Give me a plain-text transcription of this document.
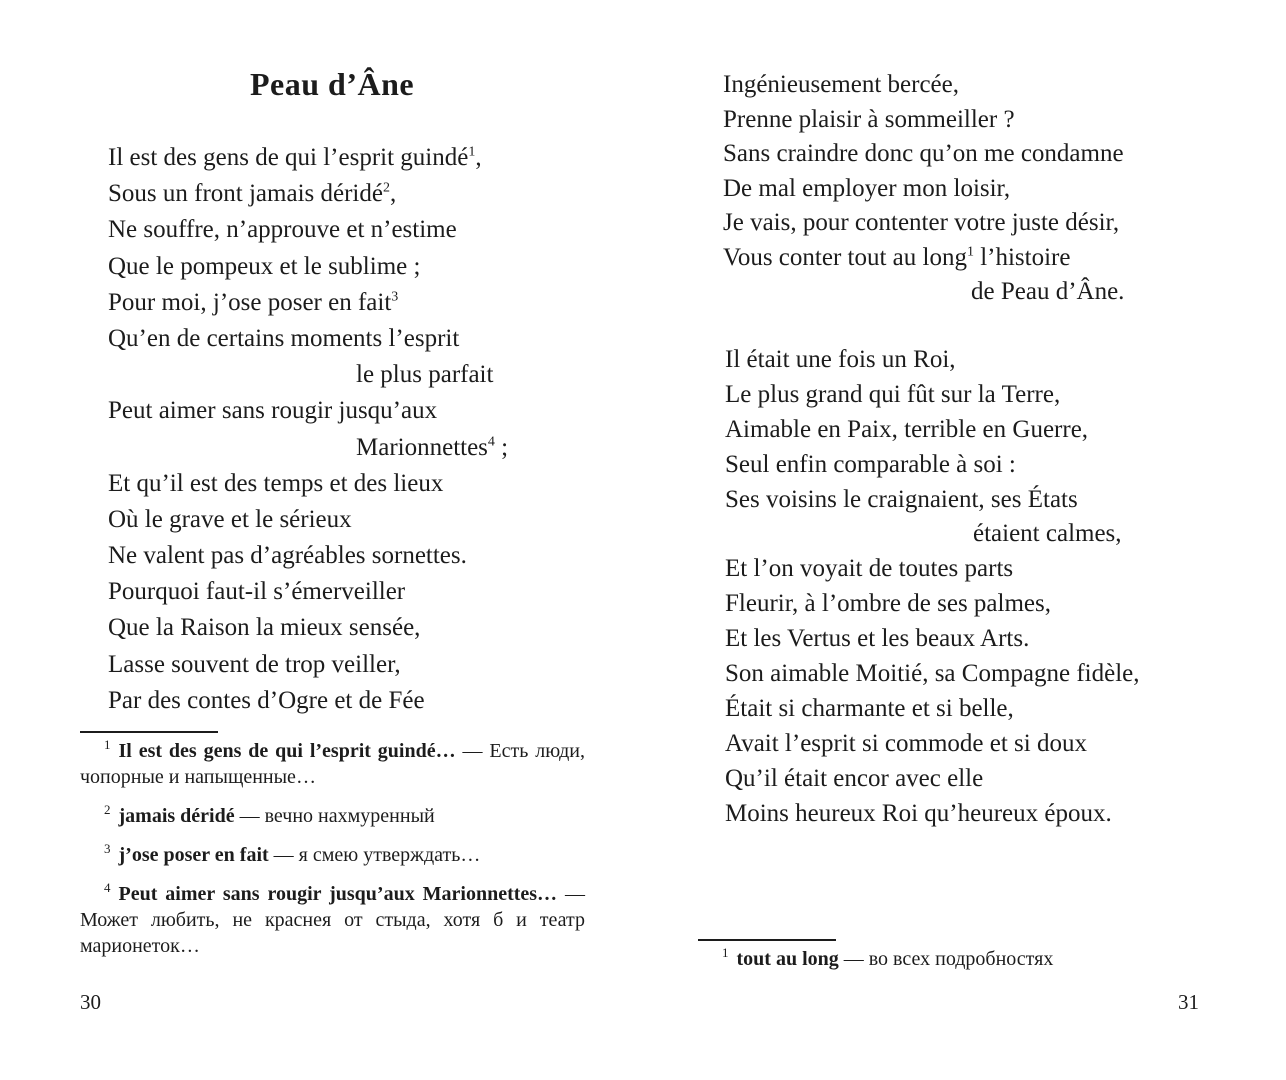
Peau d’Âne
Il est des gens de qui l’esprit guindé$^1$,
Sous un front jamais déridé$^2$,
Ne souffre, n’approuve et n’estime
Que le pompeux et le sublime ;
Pour moi, j’ose poser en fait$^3$
Qu’en de certains moments l’esprit
le plus parfait
Peut aimer sans rougir jusqu’aux
Marionnettes$^4$ ;
Et qu’il est des temps et des lieux
Où le grave et le sérieux
Ne valent pas d’agréables sornettes.
Pourquoi faut-il s’émerveiller
Que la Raison la mieux sensée,
Lasse souvent de trop veiller,
Par des contes d’Ogre et de Fée

$^1$ Il est des gens de qui l’esprit guindé… — Есть люди, чопорные и напыщенные…

$^2$ jamais déridé — вечно нахмуренный

$^3$ j’ose poser en fait — я смею утверждать…

$^4$ Peut aimer sans rougir jusqu’aux Marionnettes… — Может любить, не краснея от стыда, хотя б и театр марионеток…

30
Ingénieusement bercée,
Prenne plaisir à sommeiller ?
Sans craindre donc qu’on me condamne
De mal employer mon loisir,
Je vais, pour contenter votre juste désir,
Vous conter tout au long$^1$ l’histoire
de Peau d’Âne.
Il était une fois un Roi,
Le plus grand qui fût sur la Terre,
Aimable en Paix, terrible en Guerre,
Seul enfin comparable à soi :
Ses voisins le craignaient, ses États
étaient calmes,
Et l’on voyait de toutes parts
Fleurir, à l’ombre de ses palmes,
Et les Vertus et les beaux Arts.
Son aimable Moitié, sa Compagne fidèle,
Était si charmante et si belle,
Avait l’esprit si commode et si doux
Qu’il était encor avec elle
Moins heureux Roi qu’heureux époux.

$^1$ tout au long — во всех подробностях

31
